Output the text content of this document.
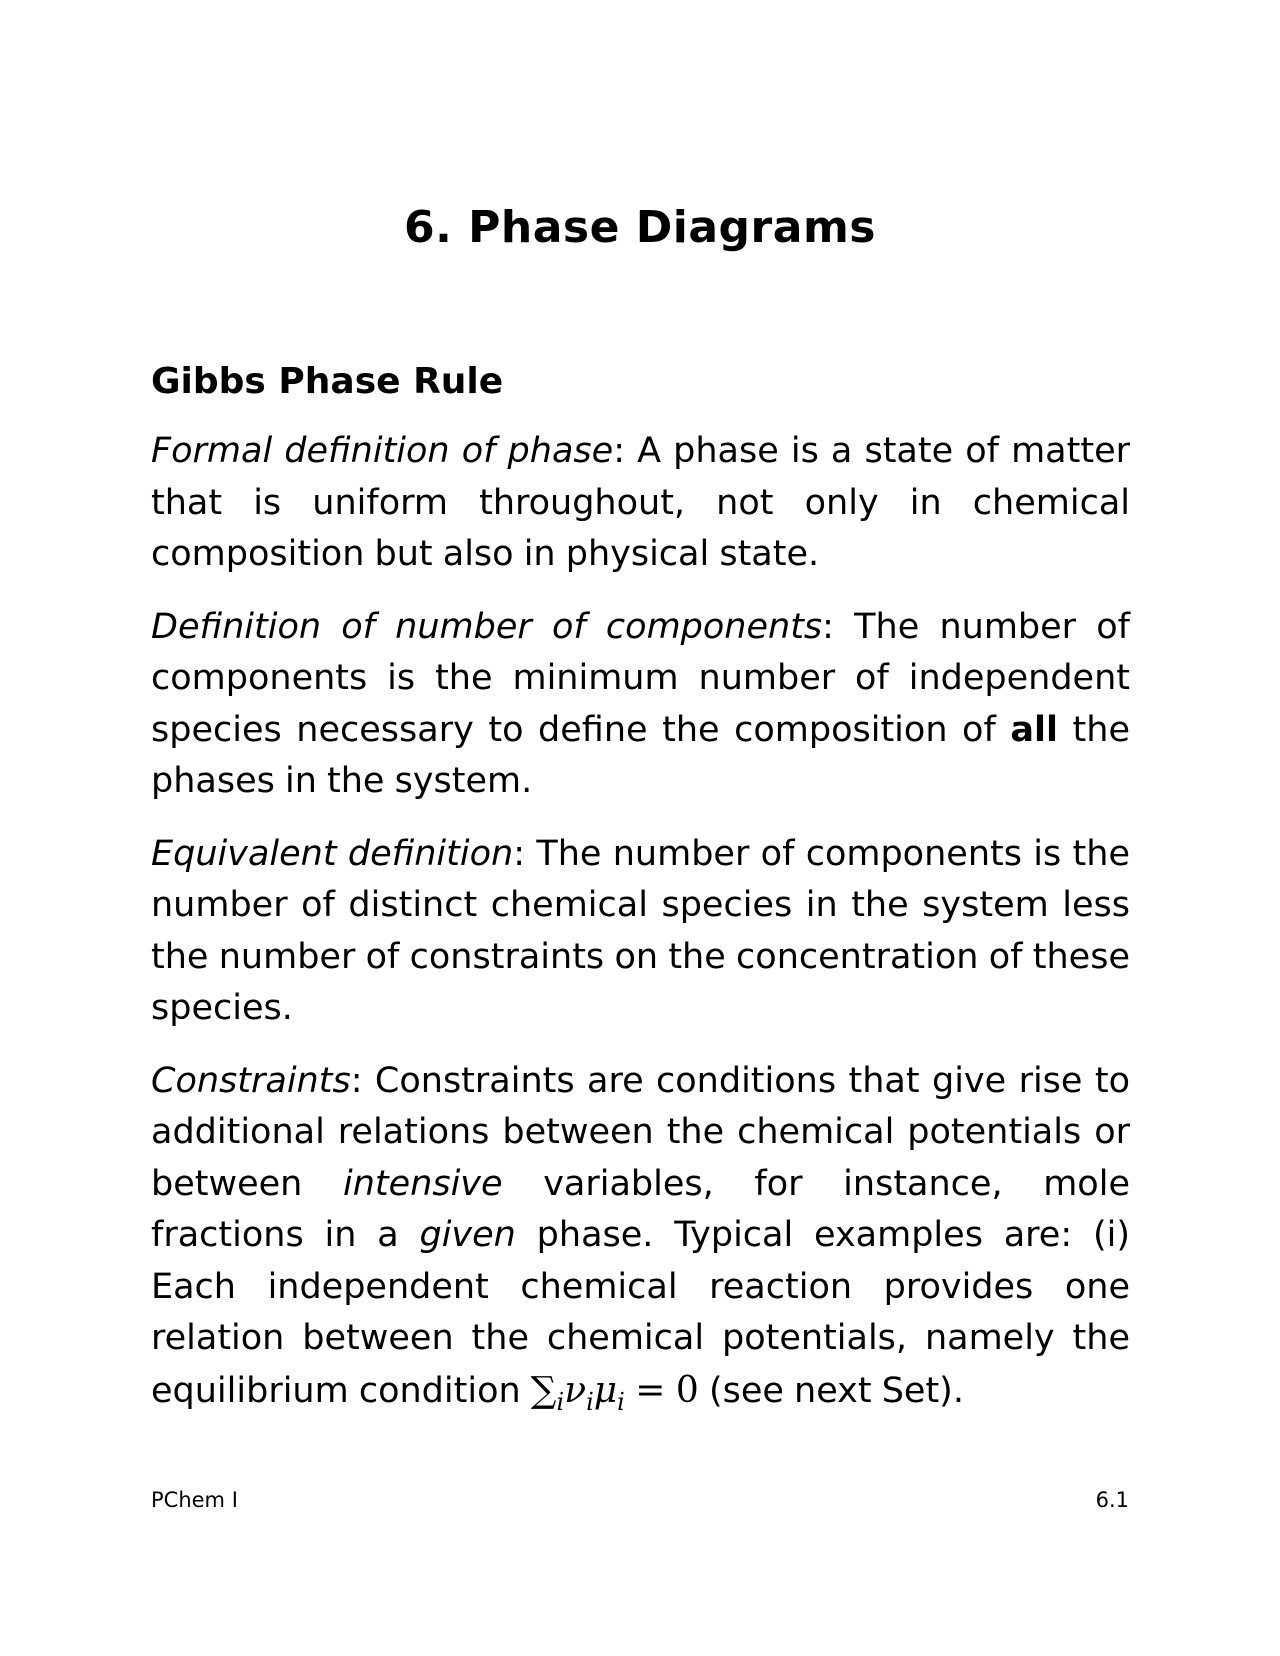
6. Phase Diagrams
Gibbs Phase Rule

Formal definition of phase: A phase is a state of matter that is uniform throughout, not only in chemical composition but also in physical state.

Definition of number of components: The number of components is the minimum number of independent species necessary to define the composition of all the phases in the system.

Equivalent definition: The number of components is the number of distinct chemical species in the system less the number of constraints on the concentration of these species.

Constraints: Constraints are conditions that give rise to additional relations between the chemical potentials or between intensive variables, for instance, mole fractions in a given phase. Typical examples are: (i) Each independent chemical reaction provides one relation between the chemical potentials, namely the equilibrium condition $\sum_i\nu_i\mu_i = 0$ (see next Set).

PChem I	6.1
